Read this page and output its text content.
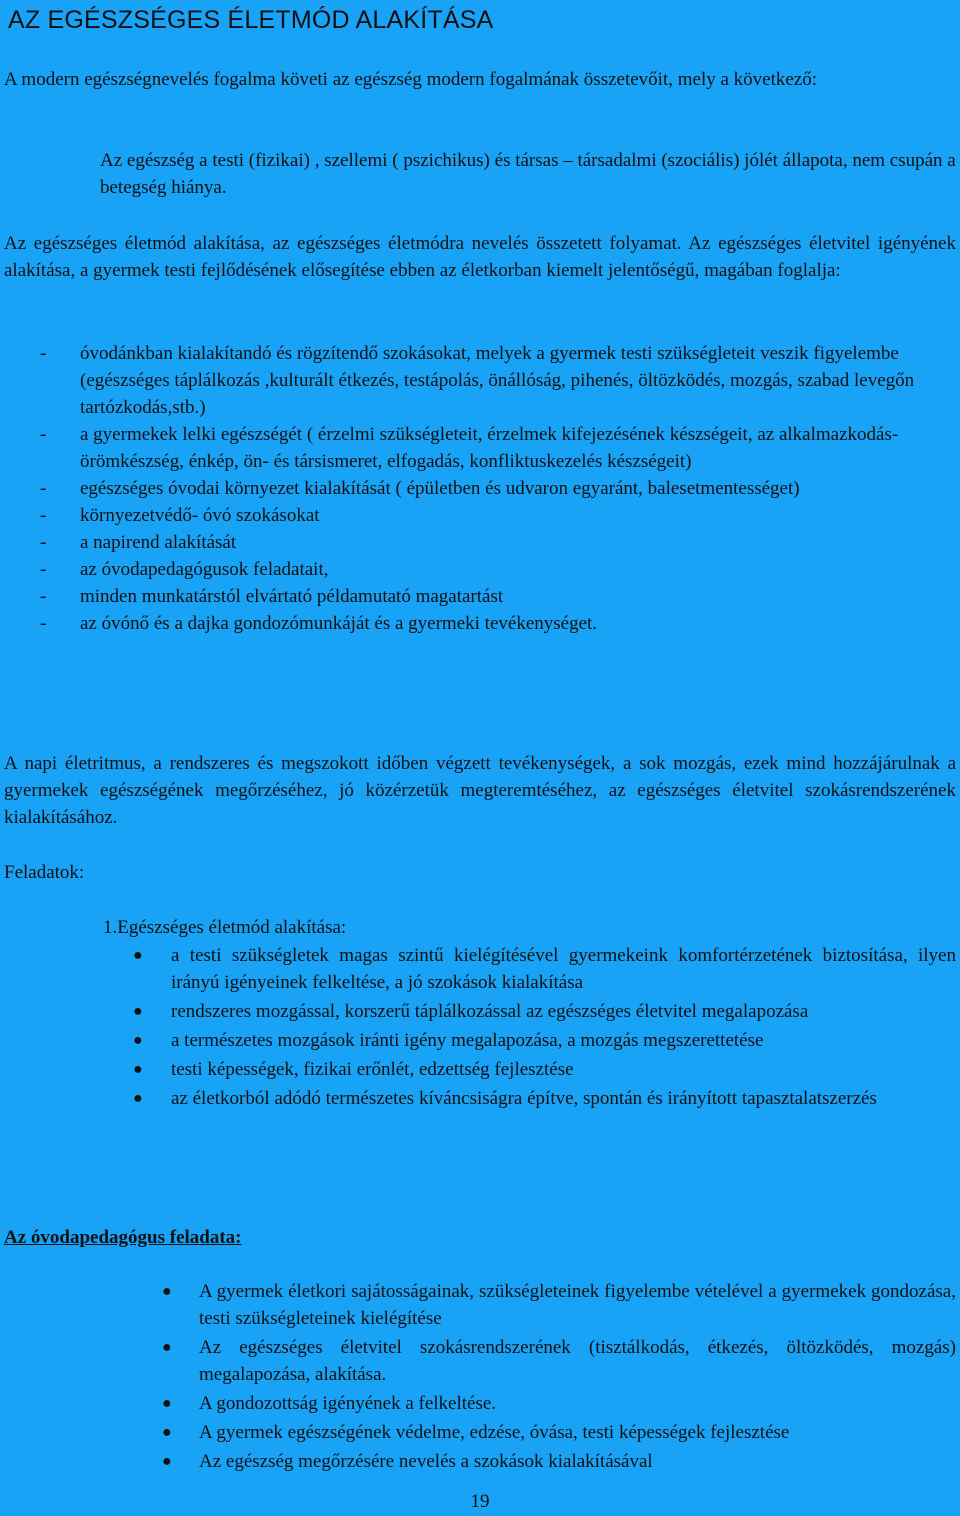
AZ EGÉSZSÉGES ÉLETMÓD ALAKÍTÁSA

A modern egészségnevelés fogalma követi az egészség modern fogalmának összetevőit, mely a következő:

Az egészség a testi (fizikai) , szellemi ( pszichikus) és társas – társadalmi (szociális) jólét állapota, nem csupán a betegség hiánya.

Az egészséges életmód alakítása, az egészséges életmódra nevelés összetett folyamat. Az egészséges életvitel igényének alakítása, a gyermek testi fejlődésének elősegítése ebben az életkorban kiemelt jelentőségű, magában foglalja:

- óvodánkban kialakítandó és rögzítendő szokásokat, melyek a gyermek testi szükségleteit veszik figyelembe (egészséges táplálkozás ,kulturált étkezés, testápolás, önállóság, pihenés, öltözködés, mozgás, szabad levegőn tartózkodás,stb.)
- a gyermekek lelki egészségét ( érzelmi szükségleteit, érzelmek kifejezésének készségeit, az alkalmazkodás- örömkészség, énkép, ön- és társismeret, elfogadás, konfliktuskezelés készségeit)
- egészséges óvodai környezet kialakítását ( épületben és udvaron egyaránt, balesetmentességet)
- környezetvédő- óvó szokásokat
- a napirend alakítását
- az óvodapedagógusok feladatait,
- minden munkatárstól elvártató példamutató magatartást
- az óvónő és a dajka gondozómunkáját és a gyermeki tevékenységet.

A napi életritmus, a rendszeres és megszokott időben végzett tevékenységek, a sok mozgás, ezek mind hozzájárulnak a gyermekek egészségének megőrzéséhez, jó közérzetük megteremtéséhez, az egészséges életvitel szokásrendszerének kialakításához.

Feladatok:

1.Egészséges életmód alakítása:

● a testi szükségletek magas szintű kielégítésével gyermekeink komfortérzetének biztosítása, ilyen irányú igényeinek felkeltése, a jó szokások kialakítása
● rendszeres mozgással, korszerű táplálkozással az egészséges életvitel megalapozása
● a természetes mozgások iránti igény megalapozása, a mozgás megszerettetése
● testi képességek, fizikai erőnlét, edzettség fejlesztése
● az életkorból adódó természetes kíváncsiságra építve, spontán és irányított tapasztalatszerzés

Az óvodapedagógus feladata:

● A gyermek életkori sajátosságainak, szükségleteinek figyelembe vételével a gyermekek gondozása, testi szükségleteinek kielégítése
● Az egészséges életvitel szokásrendszerének (tisztálkodás, étkezés, öltözködés, mozgás) megalapozása, alakítása.
● A gondozottság igényének a felkeltése.
● A gyermek egészségének védelme, edzése, óvása, testi képességek fejlesztése
● Az egészség megőrzésére nevelés a szokások kialakításával
19
